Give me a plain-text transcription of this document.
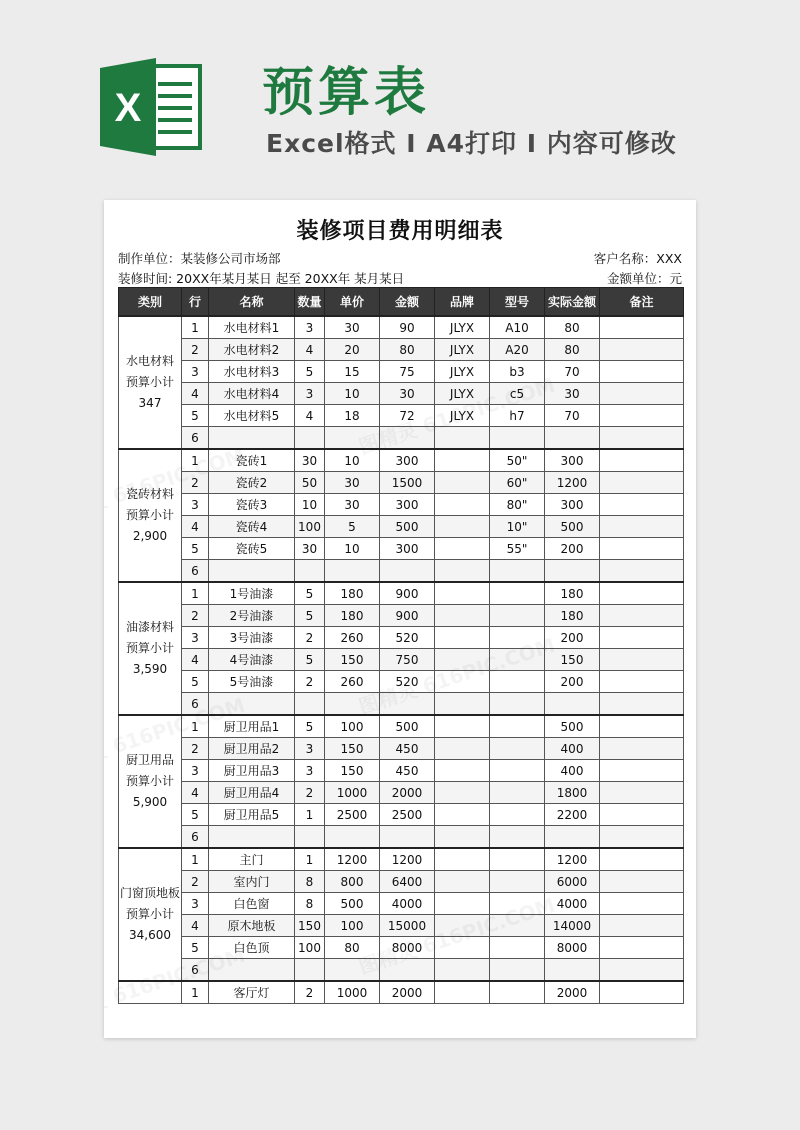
X 预算表
Excel格式 I A4打印 I 内容可修改
装修项目费用明细表
制作单位：某装修公司市场部	客户名称：XXX
装修时间: 20XX年某月某日 起至 20XX年 某月某日	金额单位：元
类别	行	名称	数量	单价	金额	品牌	型号	实际金额	备注

水电材料
预算小计
347	1	水电材料1	3	30	90	JLYX	A10	80	
	2	水电材料2	4	20	80	JLYX	A20	80	
	3	水电材料3	5	15	75	JLYX	b3	70	
	4	水电材料4	3	10	30	JLYX	c5	30	
	5	水电材料5	4	18	72	JLYX	h7	70	
	6								

瓷砖材料
预算小计
2,900	1	瓷砖1	30	10	300		50"	300	
	2	瓷砖2	50	30	1500		60"	1200	
	3	瓷砖3	10	30	300		80"	300	
	4	瓷砖4	100	5	500		10"	500	
	5	瓷砖5	30	10	300		55"	200	
	6								

油漆材料
预算小计
3,590	1	1号油漆	5	180	900			180	
	2	2号油漆	5	180	900			180	
	3	3号油漆	2	260	520			200	
	4	4号油漆	5	150	750			150	
	5	5号油漆	2	260	520			200	
	6								

厨卫用品
预算小计
5,900	1	厨卫用品1	5	100	500			500	
	2	厨卫用品2	3	150	450			400	
	3	厨卫用品3	3	150	450			400	
	4	厨卫用品4	2	1000	2000			1800	
	5	厨卫用品5	1	2500	2500			2200	
	6								

门窗顶地板
预算小计
34,600	1	主门	1	1200	1200			1200	
	2	室内门	8	800	6400			6000	
	3	白色窗	8	500	4000			4000	
	4	原木地板	150	100	15000			14000	
	5	白色顶	100	80	8000			8000	
	6								

	1	客厅灯	2	1000	2000			2000	
